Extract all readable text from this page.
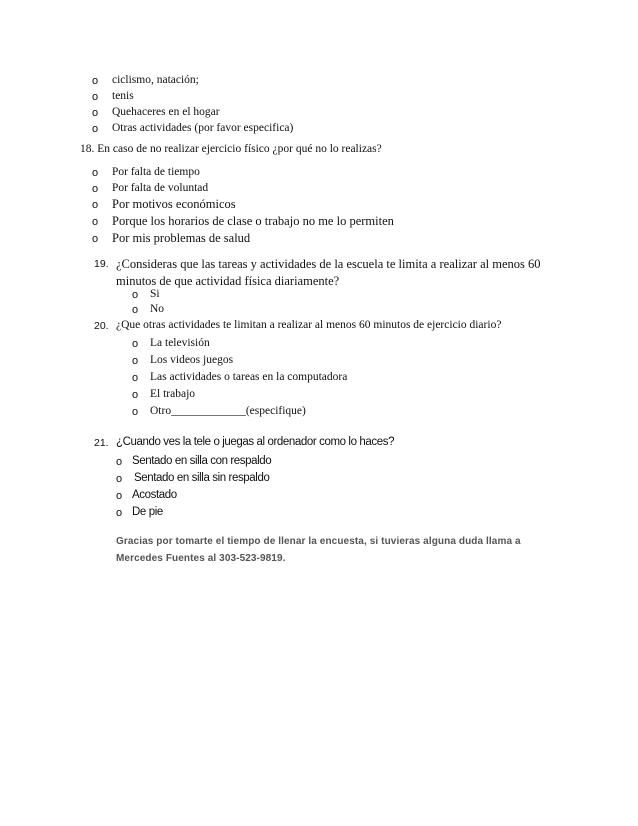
o ciclismo, natación;
o tenis
o Quehaceres en el hogar
o Otras actividades (por favor especifica)
18. En caso de no realizar ejercicio físico ¿por qué no lo realizas?
o Por falta de tiempo
o Por falta de voluntad
o Por motivos económicos
o Porque los horarios de clase o trabajo no me lo permiten
o Por mis problemas de salud
19. ¿Consideras que las tareas y actividades de la escuela te limita a realizar al menos 60 minutos de que actividad física diariamente?
o Si
o No
20. ¿Que otras actividades te limitan a realizar al menos 60 minutos de ejercicio diario?
o La televisión
o Los videos juegos
o Las actividades o tareas en la computadora
o El trabajo
o Otro_____________(especifique)
21. ¿Cuando ves la tele o juegas al ordenador como lo haces?
o Sentado en silla con respaldo
o Sentado en silla sin respaldo
o Acostado
o De pie
Gracias por tomarte el tiempo de llenar la encuesta, si tuvieras alguna duda llama a
Mercedes Fuentes al 303-523-9819.
